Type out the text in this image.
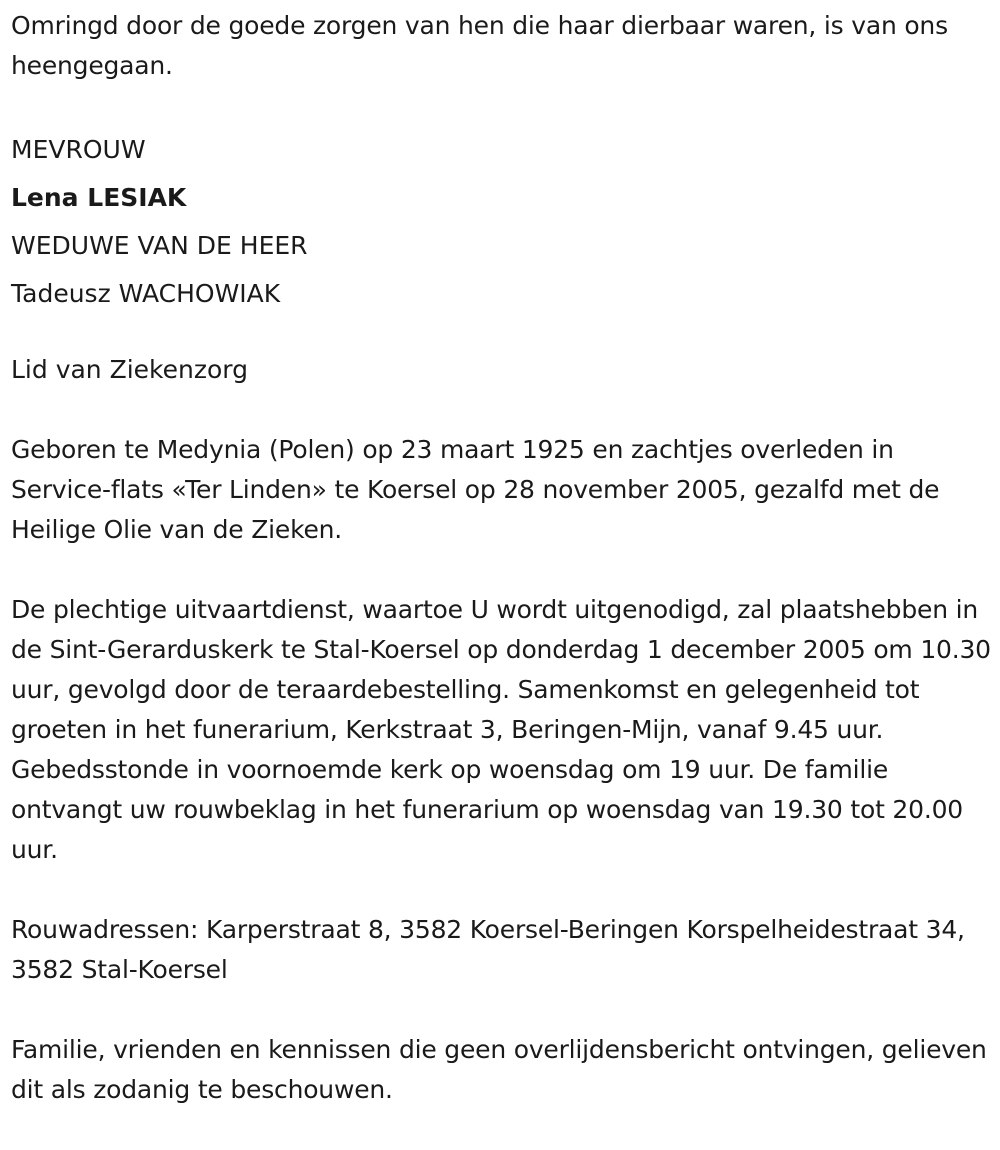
Omringd door de goede zorgen van hen die haar dierbaar waren, is van ons heengegaan.

MEVROUW
Lena LESIAK
WEDUWE VAN DE HEER
Tadeusz WACHOWIAK

Lid van Ziekenzorg

Geboren te Medynia (Polen) op 23 maart 1925 en zachtjes overleden in Service-flats «Ter Linden» te Koersel op 28 november 2005, gezalfd met de Heilige Olie van de Zieken.

De plechtige uitvaartdienst, waartoe U wordt uitgenodigd, zal plaatshebben in de Sint-Gerarduskerk te Stal-Koersel op donderdag 1 december 2005 om 10.30 uur, gevolgd door de teraardebestelling. Samenkomst en gelegenheid tot groeten in het funerarium, Kerkstraat 3, Beringen-Mijn, vanaf 9.45 uur. Gebedsstonde in voornoemde kerk op woensdag om 19 uur. De familie ontvangt uw rouwbeklag in het funerarium op woensdag van 19.30 tot 20.00 uur.

Rouwadressen: Karperstraat 8, 3582 Koersel-Beringen Korspelheidestraat 34, 3582 Stal-Koersel

Familie, vrienden en kennissen die geen overlijdensbericht ontvingen, gelieven dit als zodanig te beschouwen.
